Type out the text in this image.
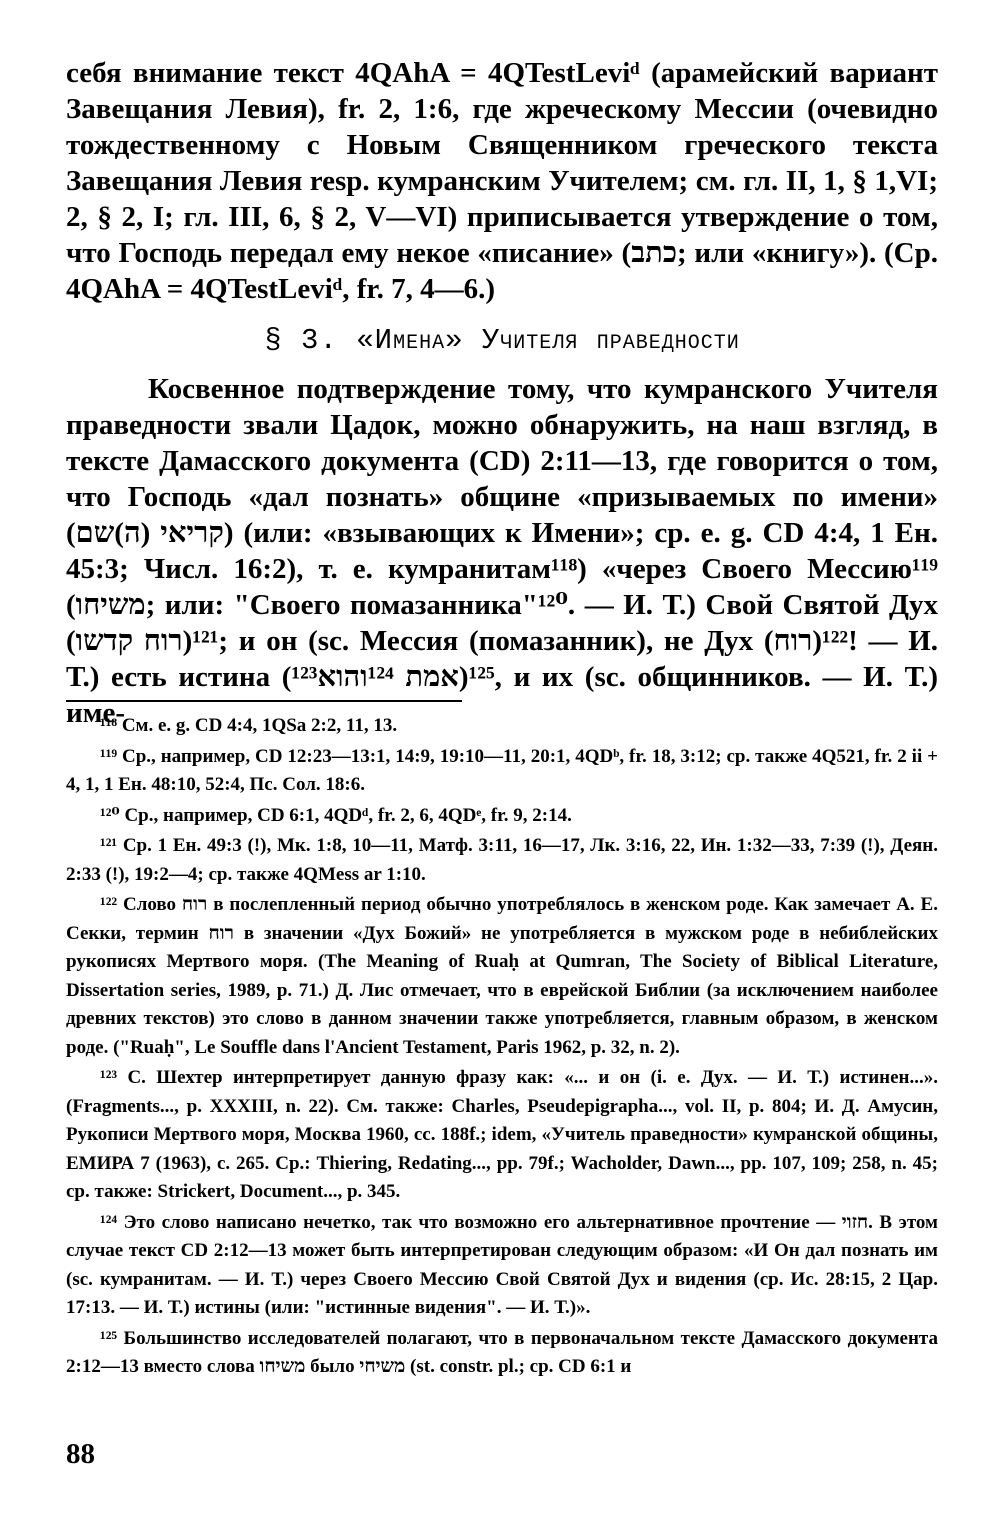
себя внимание текст 4QAhA = 4QTestLeviᵈ (арамейский вариант Завещания Левия), fr. 2, 1:6, где жреческому Мессии (очевидно тождественному с Новым Священником греческого текста Завещания Левия resp. кумранским Учителем; см. гл. II, 1, § 1,VI; 2, § 2, I; гл. III, 6, § 2, V—VI) приписывается утверждение о том, что Господь передал ему некое «писание» (כתב; или «книгу»). (Ср. 4QAhA = 4QTestLeviᵈ, fr. 7, 4—6.)

§ 3. «Имена» Учителя праведности

Косвенное подтверждение тому, что кумранского Учителя праведности звали Цадок, можно обнаружить, на наш взгляд, в тексте Дамасского документа (CD) 2:11—13, где говорится о том, что Господь «дал познать» общине «призываемых по имени» (קריאי (ה)שם) (или: «взывающих к Имени»; ср. e. g. CD 4:4, 1 Ен. 45:3; Числ. 16:2), т. е. кумранитам¹¹⁸) «через Своего Мессию¹¹⁹ (משיחו; или: "Своего помазанника"¹²⁰. — И. Т.) Свой Святой Дух (רוח קדשו)¹²¹; и он (sc. Мессия (помазанник), не Дух (רוח)¹²²! — И. Т.) есть истина (¹²³אמת ¹²⁴והוא)¹²⁵, и их (sc. общинников. — И. Т.) име-

¹¹⁸ См. e. g. CD 4:4, 1QSa 2:2, 11, 13.

¹¹⁹ Ср., например, CD 12:23—13:1, 14:9, 19:10—11, 20:1, 4QDᵇ, fr. 18, 3:12; ср. также 4Q521, fr. 2 ii + 4, 1, 1 Ен. 48:10, 52:4, Пс. Сол. 18:6.

¹²⁰ Ср., например, CD 6:1, 4QDᵈ, fr. 2, 6, 4QDᵉ, fr. 9, 2:14.

¹²¹ Ср. 1 Ен. 49:3 (!), Мк. 1:8, 10—11, Матф. 3:11, 16—17, Лк. 3:16, 22, Ин. 1:32—33, 7:39 (!), Деян. 2:33 (!), 19:2—4; ср. также 4QMess ar 1:10.

¹²² Слово רוח в послепленный период обычно употреблялось в женском роде. Как замечает А. Е. Секки, термин רוח в значении «Дух Божий» не употребляется в мужском роде в небиблейских рукописях Мертвого моря. (The Meaning of Ruaḥ at Qumran, The Society of Biblical Literature, Dissertation series, 1989, p. 71.) Д. Лис отмечает, что в еврейской Библии (за исключением наиболее древних текстов) это слово в данном значении также употребляется, главным образом, в женском роде. ("Ruaḥ", Le Souffle dans l'Ancient Testament, Paris 1962, p. 32, n. 2).

¹²³ С. Шехтер интерпретирует данную фразу как: «... и он (i. e. Дух. — И. Т.) истинен...». (Fragments..., p. XXXIII, n. 22). См. также: Charles, Pseudepigrapha..., vol. II, p. 804; И. Д. Амусин, Рукописи Мертвого моря, Москва 1960, сс. 188f.; idem, «Учитель праведности» кумранской общины, ЕМИРА 7 (1963), с. 265. Ср.: Thiering, Redating..., pp. 79f.; Wacholder, Dawn..., pp. 107, 109; 258, n. 45; ср. также: Strickert, Document..., p. 345.

¹²⁴ Это слово написано нечетко, так что возможно его альтернативное прочтение — חזוי. В этом случае текст CD 2:12—13 может быть интерпретирован следующим образом: «И Он дал познать им (sc. кумранитам. — И. Т.) через Своего Мессию Свой Святой Дух и видения (ср. Ис. 28:15, 2 Цар. 17:13. — И. Т.) истины (или: "истинные видения". — И. Т.)».

¹²⁵ Большинство исследователей полагают, что в первоначальном тексте Дамасского документа 2:12—13 вместо слова משיחו было משיחי (st. constr. pl.; ср. CD 6:1 и

88
